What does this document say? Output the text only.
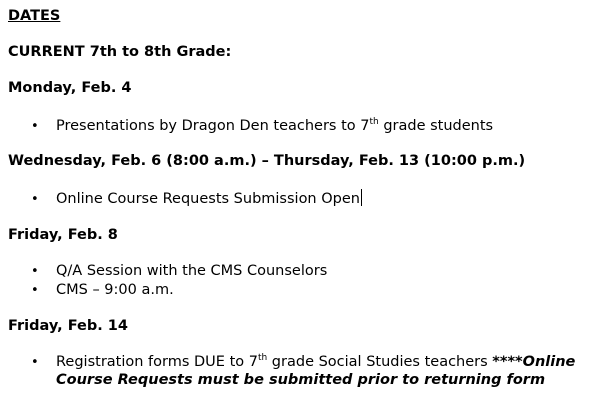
DATES
CURRENT 7th to 8th Grade:
Monday, Feb. 4
• Presentations by Dragon Den teachers to 7th grade students
Wednesday, Feb. 6 (8:00 a.m.) – Thursday, Feb. 13 (10:00 p.m.)
• Online Course Requests Submission Open
Friday, Feb. 8
• Q/A Session with the CMS Counselors
• CMS – 9:00 a.m.
Friday, Feb. 14
• Registration forms DUE to 7th grade Social Studies teachers ****Online
Course Requests must be submitted prior to returning form
